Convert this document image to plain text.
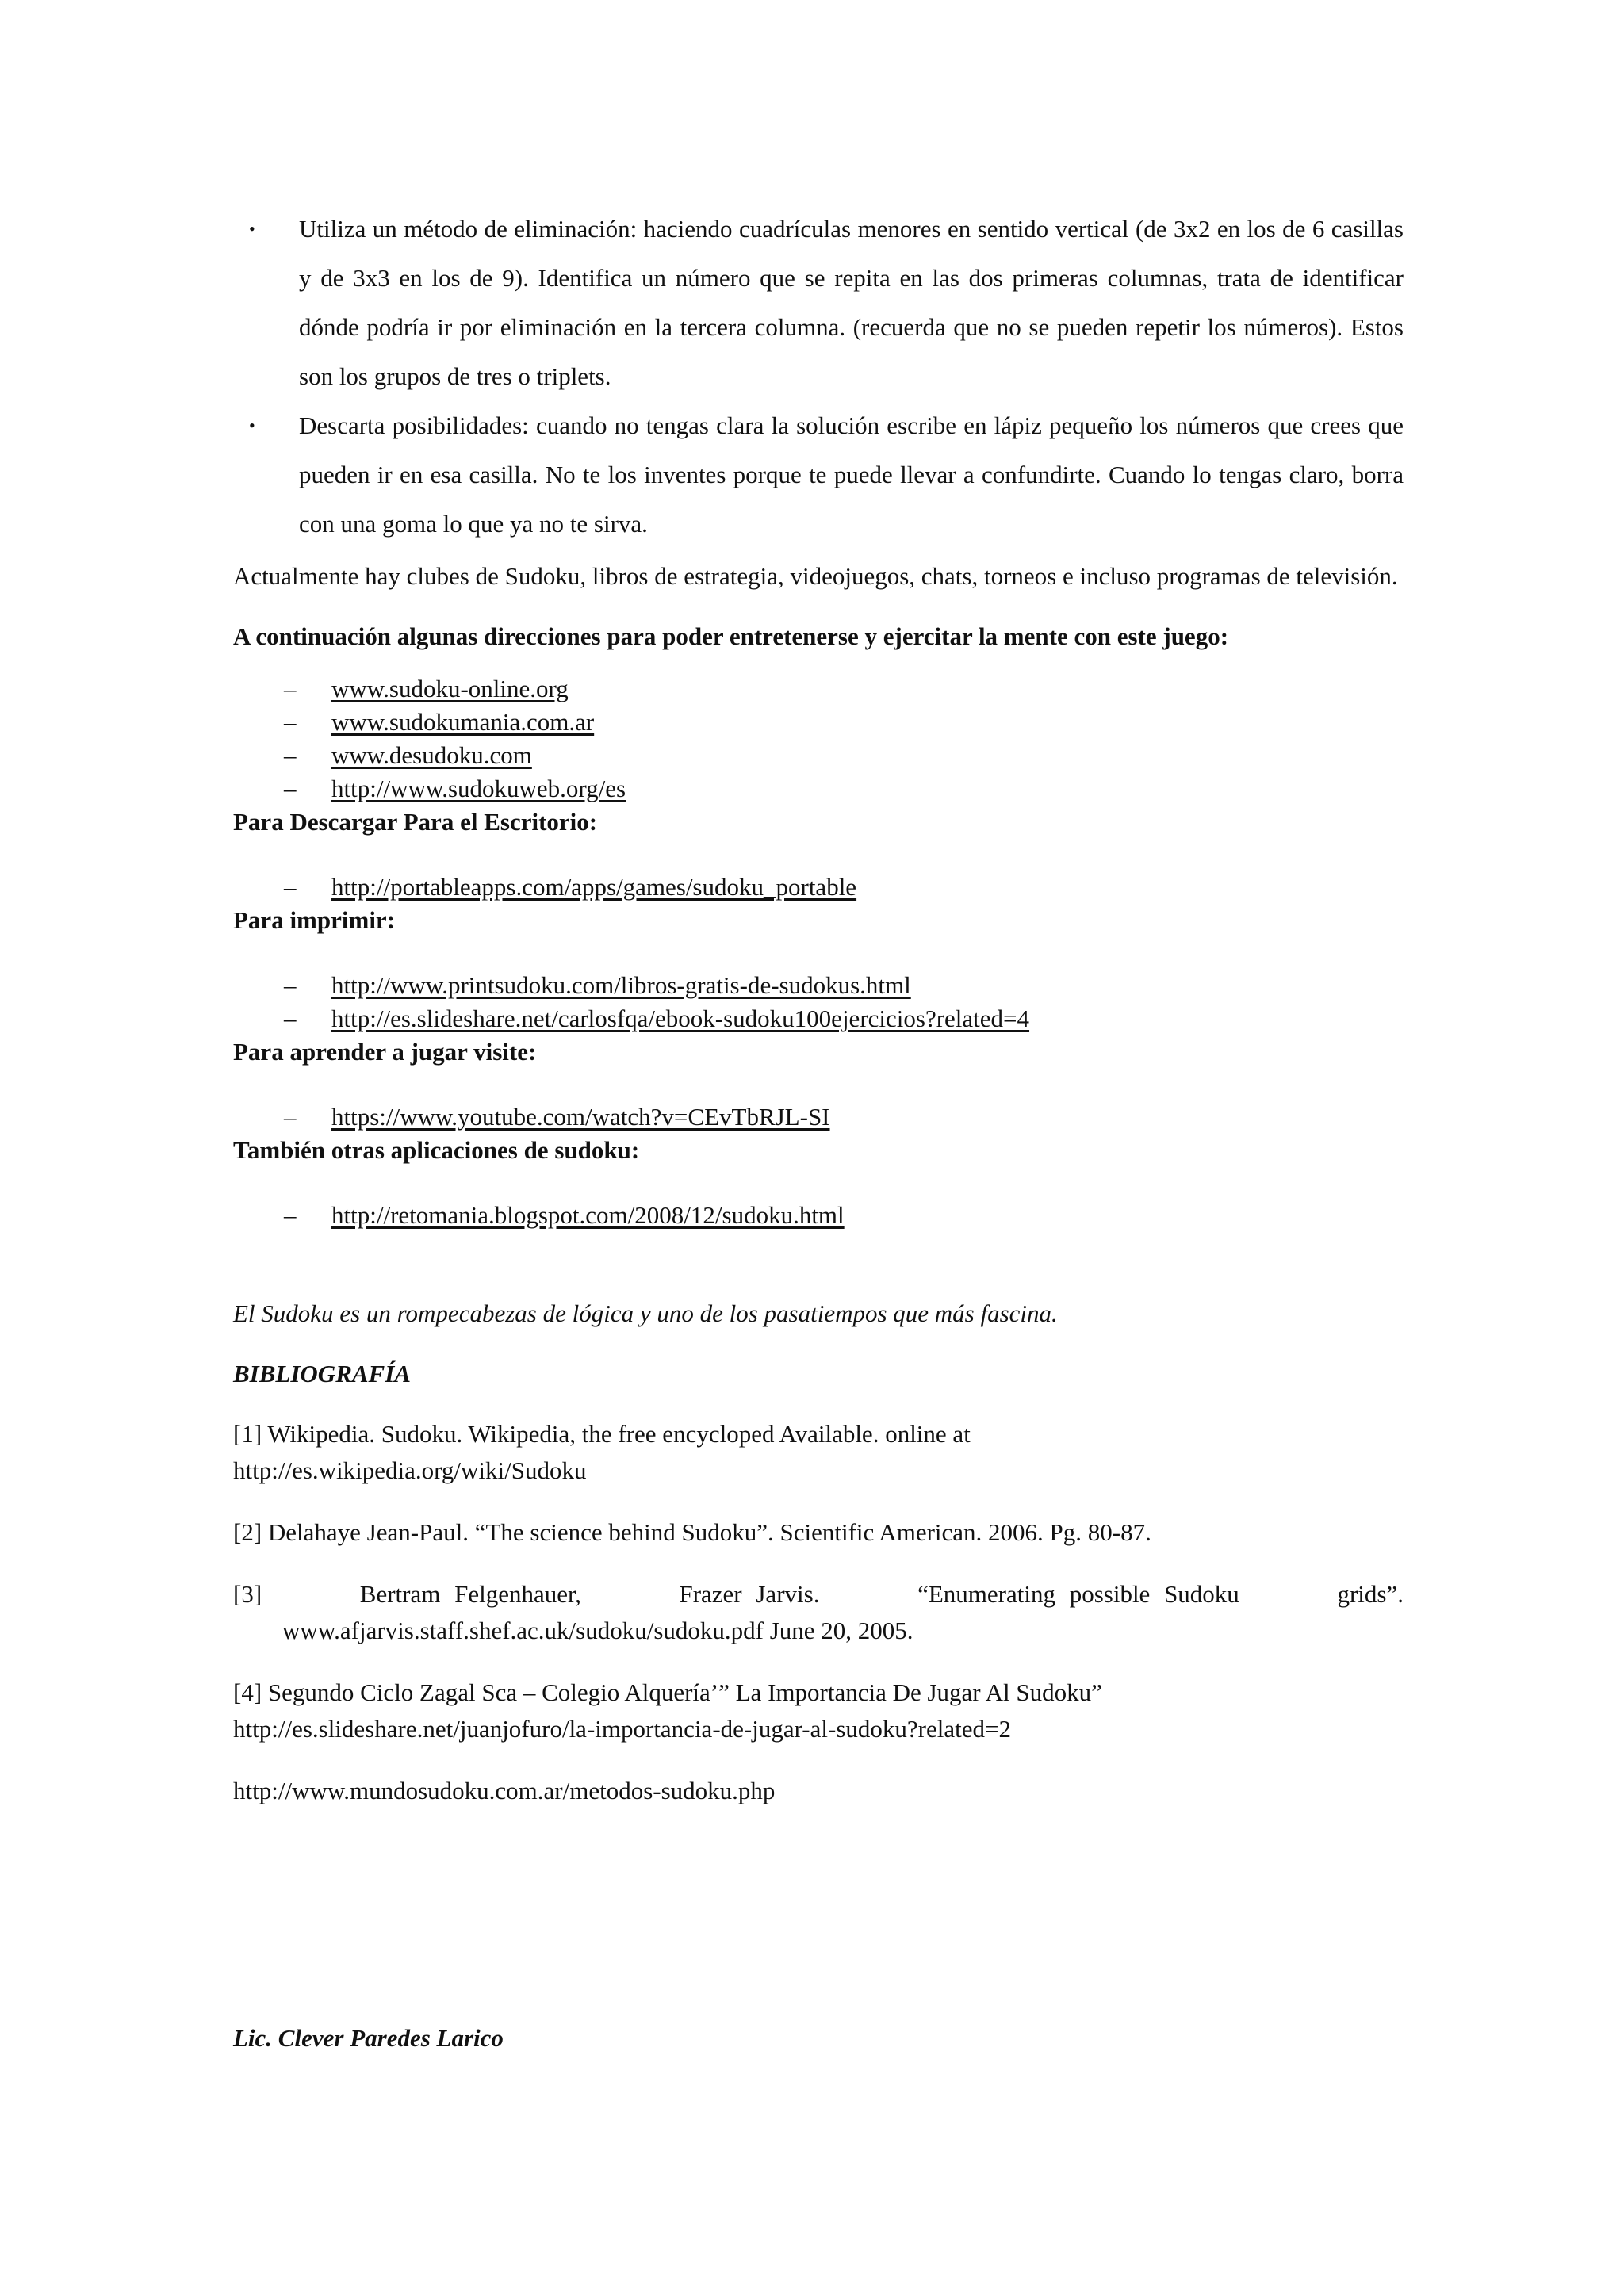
• Utiliza un método de eliminación: haciendo cuadrículas menores en sentido vertical (de 3x2 en los de 6 casillas y de 3x3 en los de 9). Identifica un número que se repita en las dos primeras columnas, trata de identificar dónde podría ir por eliminación en la tercera columna. (recuerda que no se pueden repetir los números). Estos son los grupos de tres o triplets.
• Descarta posibilidades: cuando no tengas clara la solución escribe en lápiz pequeño los números que crees que pueden ir en esa casilla. No te los inventes porque te puede llevar a confundirte. Cuando lo tengas claro, borra con una goma lo que ya no te sirva.

Actualmente hay clubes de Sudoku, libros de estrategia, videojuegos, chats, torneos e incluso programas de televisión.

A continuación algunas direcciones para poder entretenerse y ejercitar la mente con este juego:

– www.sudoku-online.org
– www.sudokumania.com.ar
– www.desudoku.com
– http://www.sudokuweb.org/es

Para Descargar Para el Escritorio:

– http://portableapps.com/apps/games/sudoku_portable

Para imprimir:

– http://www.printsudoku.com/libros-gratis-de-sudokus.html
– http://es.slideshare.net/carlosfqa/ebook-sudoku100ejercicios?related=4

Para aprender a jugar visite:

– https://www.youtube.com/watch?v=CEvTbRJL-SI

También otras aplicaciones de sudoku:

– http://retomania.blogspot.com/2008/12/sudoku.html

El Sudoku es un rompecabezas de lógica y uno de los pasatiempos que más fascina.

BIBLIOGRAFÍA

[1] Wikipedia. Sudoku. Wikipedia, the free encycloped Available. online at
http://es.wikipedia.org/wiki/Sudoku
[2] Delahaye Jean-Paul. “The science behind Sudoku”. Scientific American. 2006. Pg. 80-87.
[3]	Bertram Felgenhauer,	Frazer Jarvis.	“Enumerating possible Sudoku	grids”.
www.afjarvis.staff.shef.ac.uk/sudoku/sudoku.pdf June 20, 2005.
[4] Segundo Ciclo Zagal Sca – Colegio Alquería’” La Importancia De Jugar Al Sudoku”
http://es.slideshare.net/juanjofuro/la-importancia-de-jugar-al-sudoku?related=2
http://www.mundosudoku.com.ar/metodos-sudoku.php
Lic. Clever Paredes Larico
